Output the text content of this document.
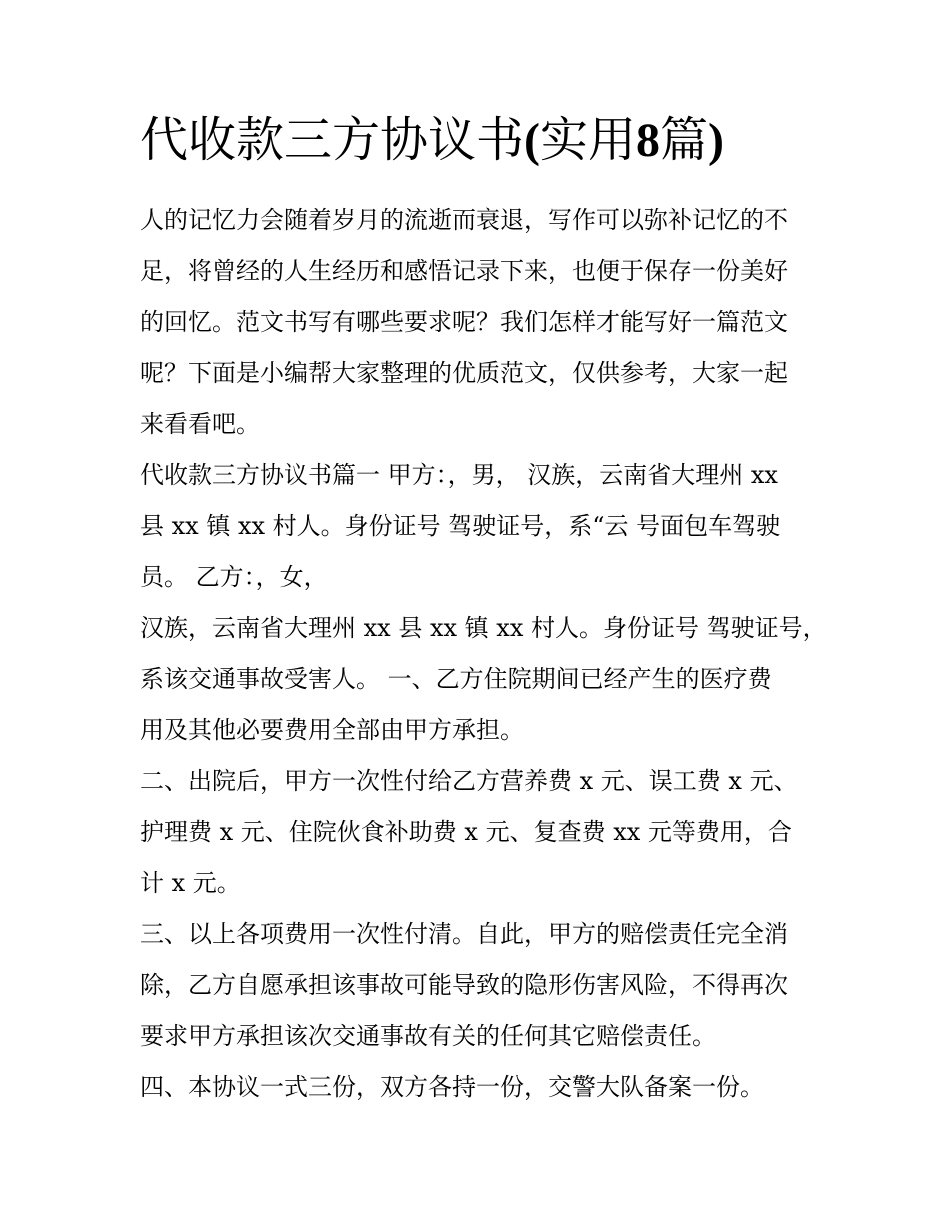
代收款三方协议书(实用8篇)

人的记忆力会随着岁月的流逝而衰退，写作可以弥补记忆的不

足，将曾经的人生经历和感悟记录下来，也便于保存一份美好

的回忆。范文书写有哪些要求呢？我们怎样才能写好一篇范文

呢？下面是小编帮大家整理的优质范文，仅供参考，大家一起

来看看吧。

代收款三方协议书篇一 甲方：，男， 汉族，云南省大理州 xx

县 xx 镇 xx 村人。身份证号 驾驶证号，系“云 号面包车驾驶

员。 乙方：，女，

汉族，云南省大理州 xx 县 xx 镇 xx 村人。身份证号 驾驶证号，

系该交通事故受害人。 一、乙方住院期间已经产生的医疗费

用及其他必要费用全部由甲方承担。

二、出院后，甲方一次性付给乙方营养费 x 元、误工费 x 元、

护理费 x 元、住院伙食补助费 x 元、复查费 xx 元等费用，合

计 x 元。

三、以上各项费用一次性付清。自此，甲方的赔偿责任完全消

除，乙方自愿承担该事故可能导致的隐形伤害风险，不得再次

要求甲方承担该次交通事故有关的任何其它赔偿责任。

四、本协议一式三份，双方各持一份，交警大队备案一份。
